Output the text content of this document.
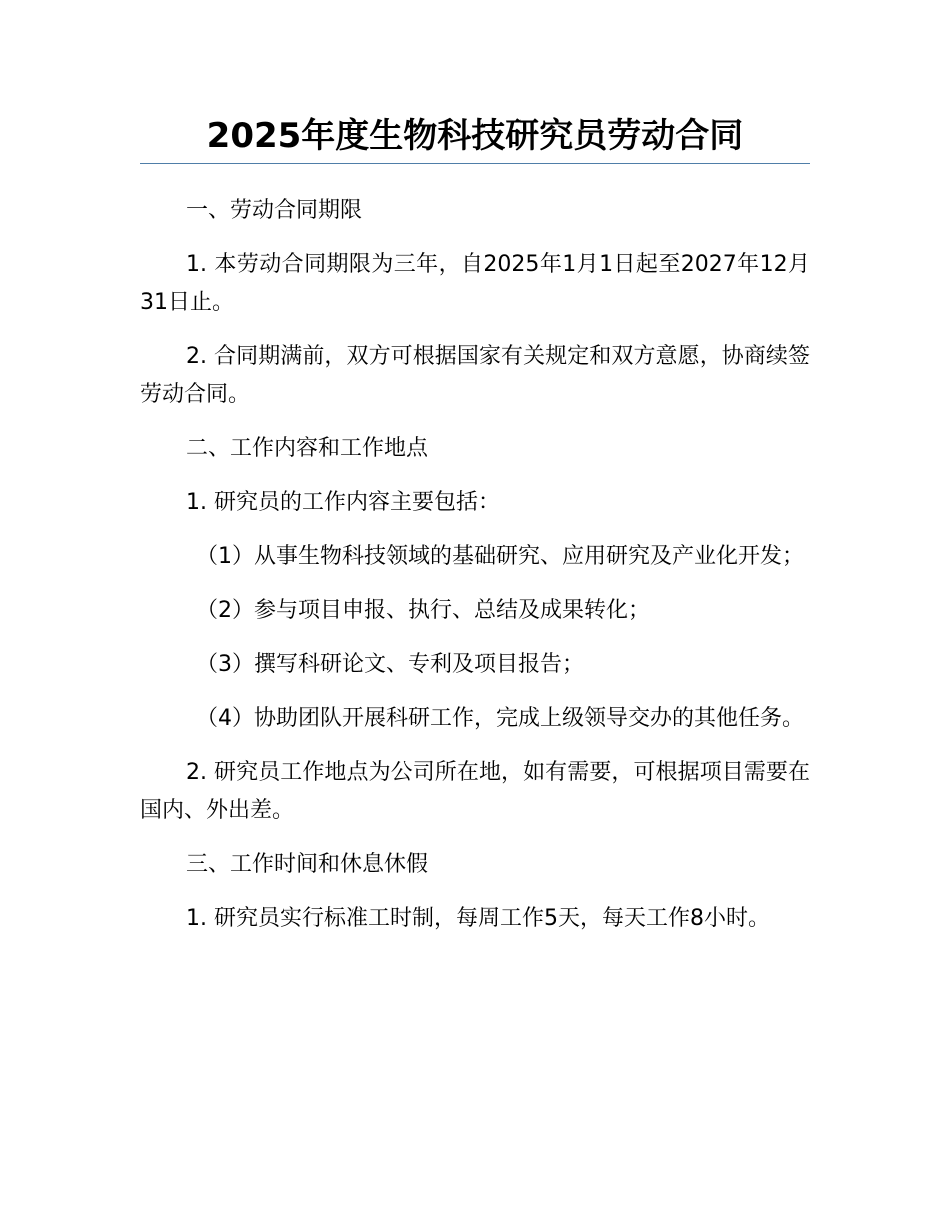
2025年度生物科技研究员劳动合同

一、劳动合同期限

1. 本劳动合同期限为三年，自2025年1月1日起至2027年12月31日止。

2. 合同期满前，双方可根据国家有关规定和双方意愿，协商续签劳动合同。

二、工作内容和工作地点

1. 研究员的工作内容主要包括：

（1）从事生物科技领域的基础研究、应用研究及产业化开发；

（2）参与项目申报、执行、总结及成果转化；

（3）撰写科研论文、专利及项目报告；

（4）协助团队开展科研工作，完成上级领导交办的其他任务。

2. 研究员工作地点为公司所在地，如有需要，可根据项目需要在国内、外出差。

三、工作时间和休息休假

1. 研究员实行标准工时制，每周工作5天，每天工作8小时。
